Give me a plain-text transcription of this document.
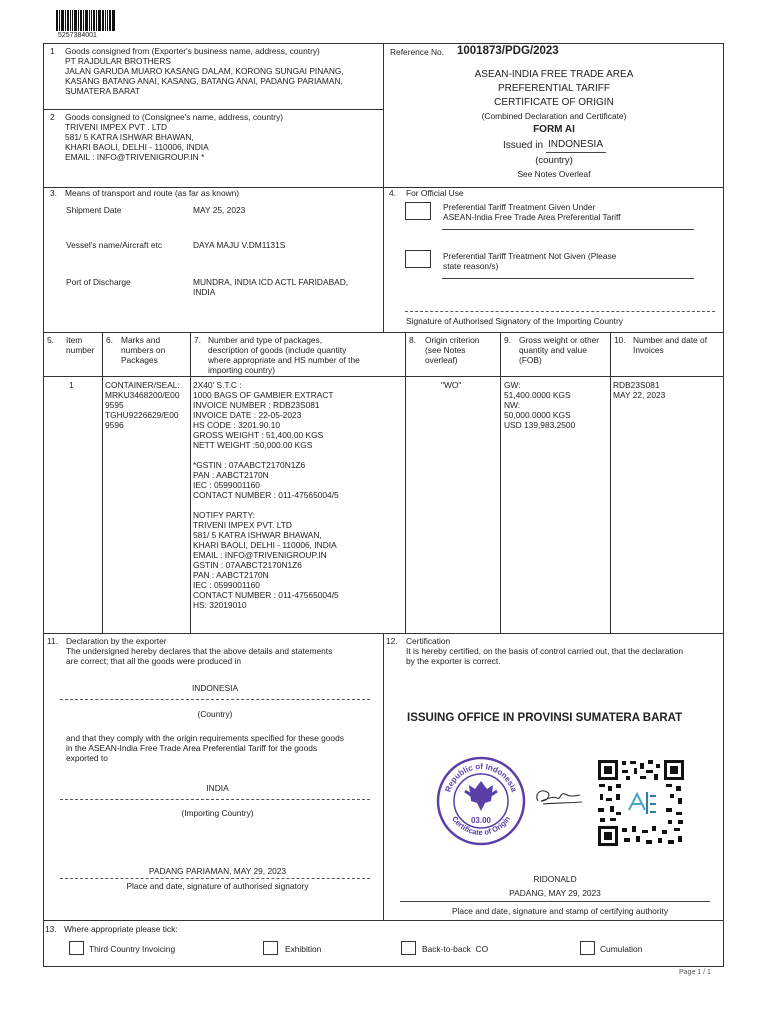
5257384001
1 Goods consigned from (Exporter's business name, address, country)
PT RAJDULAR BROTHERS
JALAN GARUDA MUARO KASANG DALAM, KORONG SUNGAI PINANG,
KASANG BATANG ANAI, KASANG, BATANG ANAI, PADANG PARIAMAN,
SUMATERA BARAT
2 Goods consigned to (Consignee's name, address, country)
TRIVENI IMPEX PVT . LTD
581/ 5 KATRA ISHWAR BHAWAN,
KHARI BAOLI, DELHI - 110006, INDIA
EMAIL : INFO@TRIVENIGROUP.IN *
Reference No. 1001873/PDG/2023
ASEAN-INDIA FREE TRADE AREA
PREFERENTIAL TARIFF
CERTIFICATE OF ORIGIN
(Combined Declaration and Certificate)
FORM AI
Issued in INDONESIA
(country)
See Notes Overleaf
3. Means of transport and route (as far as known)
Shipment Date	MAY 25, 2023
Vessel's name/Aircraft etc	DAYA MAJU V.DM1131S
Port of Discharge	MUNDRA, INDIA ICD ACTL FARIDABAD,
INDIA
4. For Official Use
Preferential Tariff Treatment Given Under
ASEAN-India Free Trade Area Preferential Tariff
Preferential Tariff Treatment Not Given (Please
state reason/s)
Signature of Authorised Signatory of the Importing Country
5. Item
number
6. Marks and
numbers on
Packages
7. Number and type of packages,
description of goods (include quantity
where appropriate and HS number of the
importing country)
8. Origin criterion
(see Notes
overleaf)
9. Gross weight or other
quantity and value
(FOB)
10. Number and date of
Invoices
1	CONTAINER/SEAL:
MRKU3468200/E00
9595
TGHU9226629/E00
9596
2X40' S.T.C :
1000 BAGS OF GAMBIER EXTRACT
INVOICE NUMBER : RDB23S081
INVOICE DATE : 22-05-2023
HS CODE : 3201.90.10
GROSS WEIGHT : 51,400.00 KGS
NETT WEIGHT :50,000.00 KGS

*GSTIN : 07AABCT2170N1Z6
PAN : AABCT2170N
IEC : 0599001160
CONTACT NUMBER : 011-47565004/5

NOTIFY PARTY:
TRIVENI IMPEX PVT. LTD
581/ 5 KATRA ISHWAR BHAWAN,
KHARI BAOLI, DELHI - 110006, INDIA
EMAIL : INFO@TRIVENIGROUP.IN
GSTIN : 07AABCT2170N1Z6
PAN : AABCT2170N
IEC : 0599001160
CONTACT NUMBER : 011-47565004/5
HS: 32019010
"WO"	GW:
51,400.0000 KGS
NW:
50,000.0000 KGS
USD 139,983.2500
RDB23S081
MAY 22, 2023
11. Declaration by the exporter
The undersigned hereby declares that the above details and statements
are correct; that all the goods were produced in
INDONESIA
(Country)
and that they comply with the origin requirements specified for these goods
in the ASEAN-India Free Trade Area Preferential Tariff for the goods
exported to
INDIA
(Importing Country)
PADANG PARIAMAN, MAY 29, 2023
Place and date, signature of authorised signatory
12. Certification
It is hereby certified, on the basis of control carried out, that the declaration
by the exporter is correct.
ISSUING OFFICE IN PROVINSI SUMATERA BARAT
Republic of Indonesia
Certificate of Origin
03.00
RIDONALD
PADANG, MAY 29, 2023
Place and date, signature and stamp of certifying authority
13. Where appropriate please tick:
Third Country Invoicing	Exhibition	Back-to-back  CO	Cumulation
Page 1 / 1
